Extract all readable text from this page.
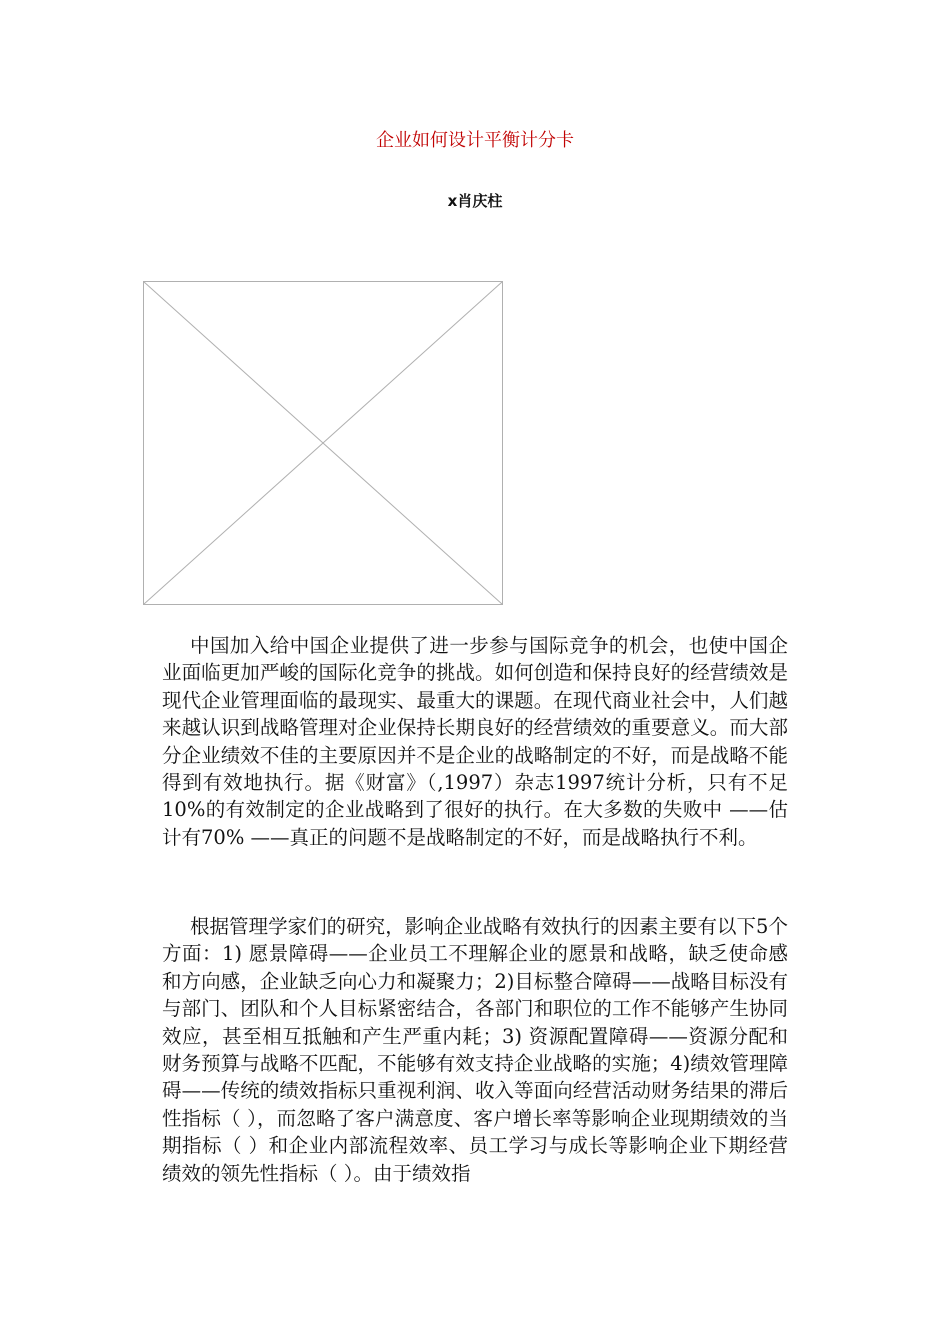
企业如何设计平衡计分卡
x肖庆柱

中国加入给中国企业提供了进一步参与国际竞争的机会，也使中国企业面临更加严峻的国际化竞争的挑战。如何创造和保持良好的经营绩效是现代企业管理面临的最现实、最重大的课题。在现代商业社会中，人们越来越认识到战略管理对企业保持长期良好的经营绩效的重要意义。而大部分企业绩效不佳的主要原因并不是企业的战略制定的不好，而是战略不能得到有效地执行。据《财富》（,1997）杂志1997统计分析，只有不足10%的有效制定的企业战略到了很好的执行。在大多数的失败中 ——估计有70% ——真正的问题不是战略制定的不好，而是战略执行不利。

根据管理学家们的研究，影响企业战略有效执行的因素主要有以下5个方面：1) 愿景障碍——企业员工不理解企业的愿景和战略，缺乏使命感和方向感，企业缺乏向心力和凝聚力；2)目标整合障碍——战略目标没有与部门、团队和个人目标紧密结合，各部门和职位的工作不能够产生协同效应，甚至相互抵触和产生严重内耗；3) 资源配置障碍——资源分配和财务预算与战略不匹配，不能够有效支持企业战略的实施；4)绩效管理障碍——传统的绩效指标只重视利润、收入等面向经营活动财务结果的滞后性指标（ ），而忽略了客户满意度、客户增长率等影响企业现期绩效的当期指标（ ）和企业内部流程效率、员工学习与成长等影响企业下期经营绩效的领先性指标（ ）。由于绩效指
